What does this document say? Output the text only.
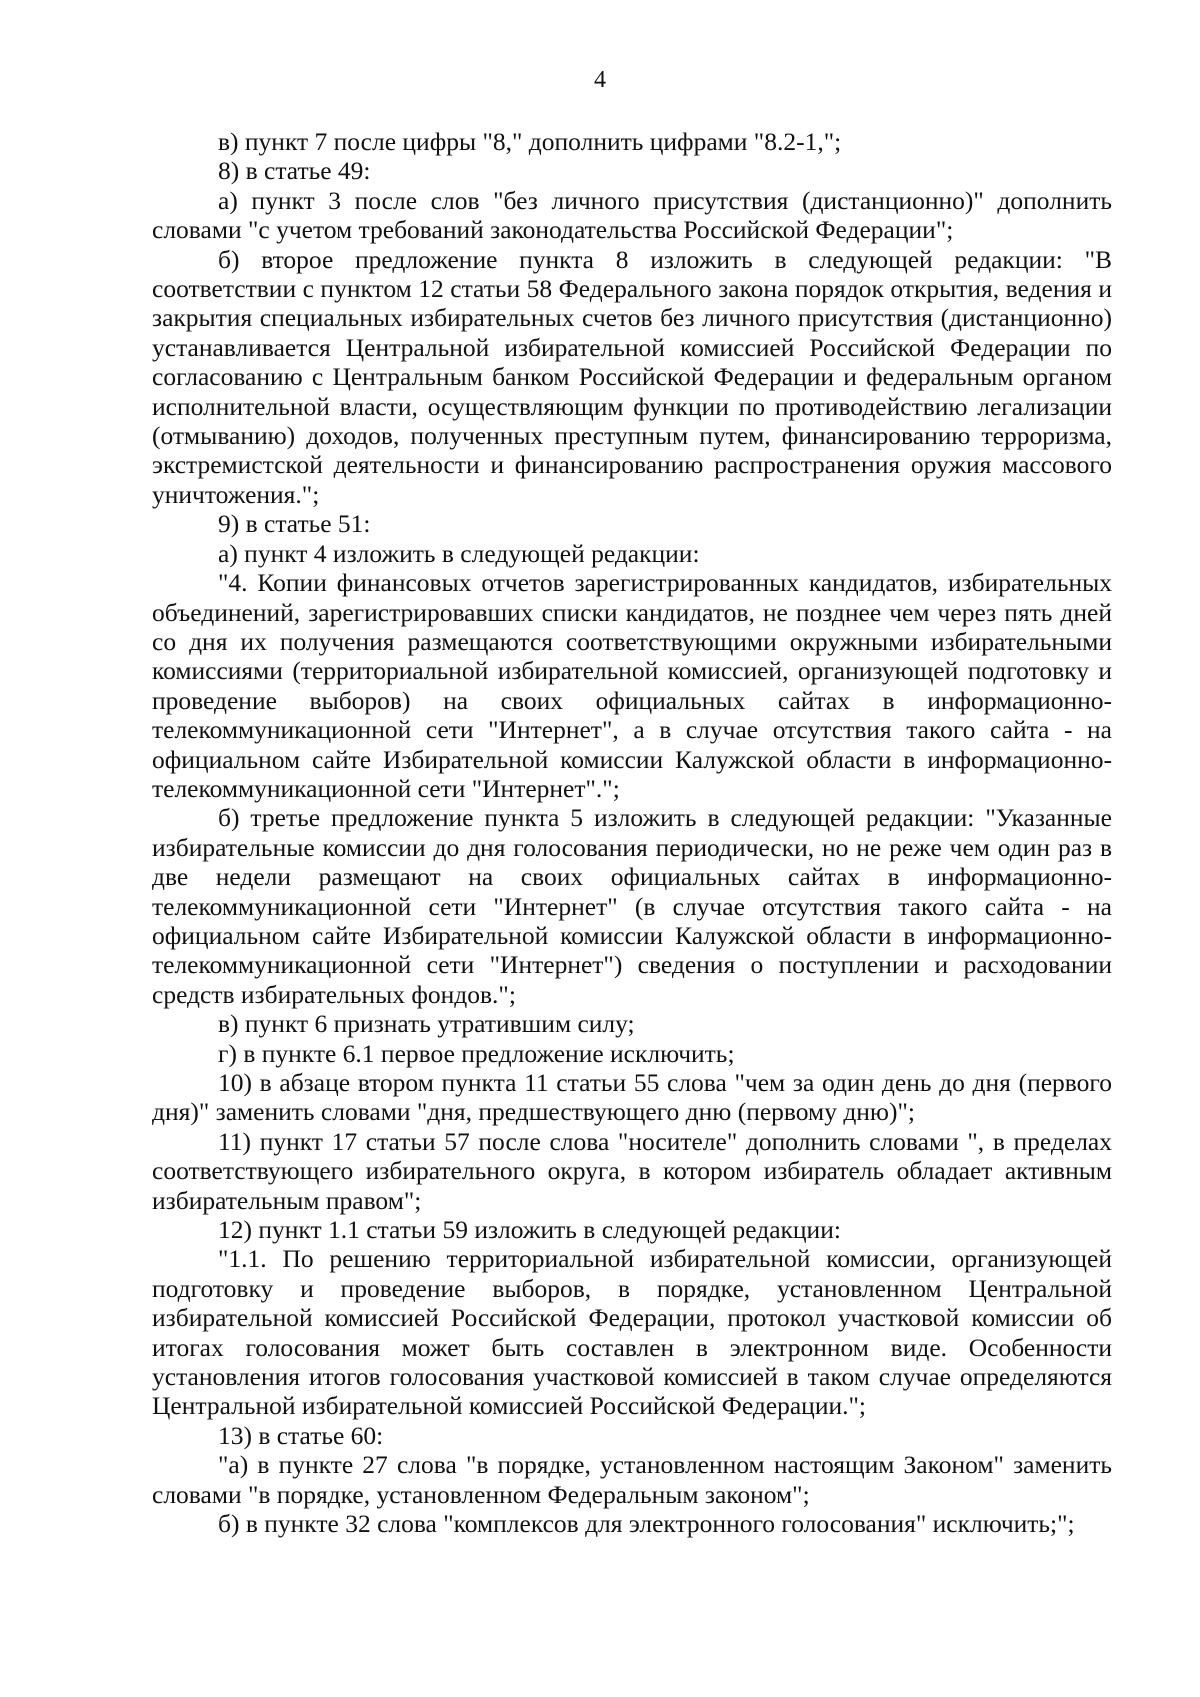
4

в) пункт 7 после цифры "8," дополнить цифрами "8.2-1,";

8) в статье 49:

а) пункт 3 после слов "без личного присутствия (дистанционно)" дополнить словами "с учетом требований законодательства Российской Федерации";

б) второе предложение пункта 8 изложить в следующей редакции: "В соответствии с пунктом 12 статьи 58 Федерального закона порядок открытия, ведения и закрытия специальных избирательных счетов без личного присутствия (дистанционно) устанавливается Центральной избирательной комиссией Российской Федерации по согласованию с Центральным банком Российской Федерации и федеральным органом исполнительной власти, осуществляющим функции по противодействию легализации (отмыванию) доходов, полученных преступным путем, финансированию терроризма, экстремистской деятельности и финансированию распространения оружия массового уничтожения.";

9) в статье 51:

а) пункт 4 изложить в следующей редакции:

"4. Копии финансовых отчетов зарегистрированных кандидатов, избирательных объединений, зарегистрировавших списки кандидатов, не позднее чем через пять дней со дня их получения размещаются соответствующими окружными избирательными комиссиями (территориальной избирательной комиссией, организующей подготовку и проведение выборов) на своих официальных сайтах в информационно-телекоммуникационной сети "Интернет", а в случае отсутствия такого сайта - на официальном сайте Избирательной комиссии Калужской области в информационно-телекоммуникационной сети "Интернет".";

б) третье предложение пункта 5 изложить в следующей редакции: "Указанные избирательные комиссии до дня голосования периодически, но не реже чем один раз в две недели размещают на своих официальных сайтах в информационно-телекоммуникационной сети "Интернет" (в случае отсутствия такого сайта - на официальном сайте Избирательной комиссии Калужской области в информационно-телекоммуникационной сети "Интернет") сведения о поступлении и расходовании средств избирательных фондов.";

в) пункт 6 признать утратившим силу;

г) в пункте 6.1 первое предложение исключить;

10) в абзаце втором пункта 11 статьи 55 слова "чем за один день до дня (первого дня)" заменить словами "дня, предшествующего дню (первому дню)";

11) пункт 17 статьи 57 после слова "носителе" дополнить словами ", в пределах соответствующего избирательного округа, в котором избиратель обладает активным избирательным правом";

12) пункт 1.1 статьи 59 изложить в следующей редакции:

"1.1. По решению территориальной избирательной комиссии, организующей подготовку и проведение выборов, в порядке, установленном Центральной избирательной комиссией Российской Федерации, протокол участковой комиссии об итогах голосования может быть составлен в электронном виде. Особенности установления итогов голосования участковой комиссией в таком случае определяются Центральной избирательной комиссией Российской Федерации.";

13) в статье 60:

"а) в пункте 27 слова "в порядке, установленном настоящим Законом" заменить словами "в порядке, установленном Федеральным законом";

б) в пункте 32 слова "комплексов для электронного голосования" исключить;";
